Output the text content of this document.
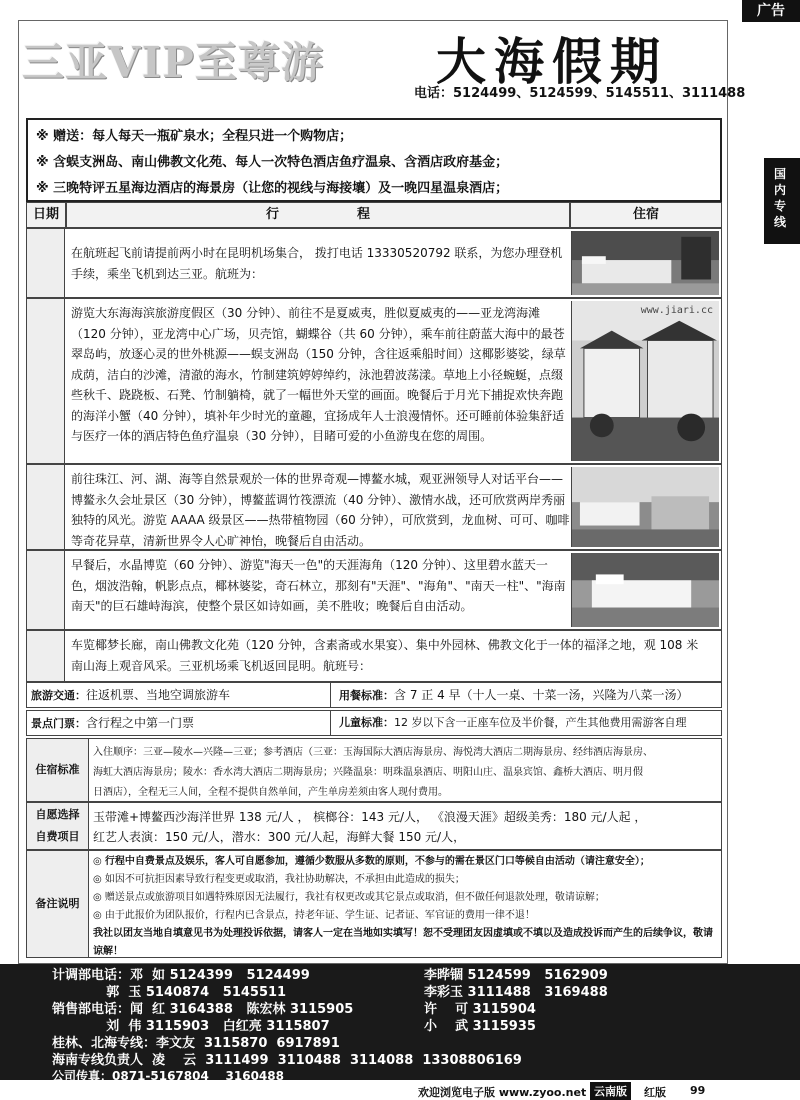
广告
国内专线
三亚VIP至尊游 大海假期
电话：5124499、5124599、5145511、3111488
※ 赠送：每人每天一瓶矿泉水；全程只进一个购物店；
※ 含蜈支洲岛、南山佛教文化苑、每人一次特色酒店鱼疗温泉、含酒店政府基金；
※ 三晚特评五星海边酒店的海景房（让您的视线与海接壤）及一晚四星温泉酒店；
日期	行　　　　　　程	住宿
在航班起飞前请提前两小时在昆明机场集合， 拨打电话 13330520792 联系，为您办理登机手续，乘坐飞机到达三亚。航班为：
游览大东海海滨旅游度假区（30 分钟）、前往不是夏威夷，胜似夏威夷的——亚龙湾海滩（120 分钟），亚龙湾中心广场，贝壳馆，蝴蝶谷（共 60 分钟），乘车前往蔚蓝大海中的最苍翠岛屿，放逐心灵的世外桃源——蜈支洲岛（150 分钟，含往返乘船时间）这椰影婆娑，绿草成荫，洁白的沙滩，清澈的海水，竹制建筑婷婷绰约，泳池碧波荡漾。草地上小径蜿蜒，点缀些秋千、跷跷板、石凳、竹制躺椅，就了一幅世外天堂的画面。晚餐后于月光下捕捉欢快奔跑的海洋小蟹（40 分钟），填补年少时光的童趣，宜扬成年人士浪漫情怀。还可睡前体验集舒适与医疗一体的酒店特色鱼疗温泉（30 分钟），目睹可爱的小鱼游曳在您的周围。
www.jiari.cc
前往珠江、河、湖、海等自然景观於一体的世界奇观—博鳌水城，观亚洲领导人对话平台——博鳌永久会址景区（30 分钟），博鳌蓝调竹筏漂流（40 分钟）、激情水战，还可欣赏两岸秀丽独特的风光。游览 AAAA 级景区——热带植物园（60 分钟），可欣赏到，龙血树、可可、咖啡等奇花异草，清新世界令人心旷神怡，晚餐后自由活动。
早餐后，水晶博览（60 分钟）、游览"海天一色"的天涯海角（120 分钟）、这里碧水蓝天一色，烟波浩翰，帆影点点，椰林婆娑，奇石林立，那刻有"天涯"、"海角"、"南天一柱"、"海南南天"的巨石雄峙海滨，使整个景区如诗如画，美不胜收；晚餐后自由活动。
车览椰梦长廊，南山佛教文化苑（120 分钟，含素斋或水果宴）、集中外园林、佛教文化于一体的福泽之地，观 108 米南山海上观音风采。三亚机场乘飞机返回昆明。航班号：
旅游交通：往返机票、当地空调旅游车	用餐标准：含 7 正 4 早（十人一桌、十菜一汤，兴隆为八菜一汤）
景点门票：含行程之中第一门票	儿童标准：12 岁以下含一正座车位及半价餐，产生其他费用需游客自理
住宿标准
入住顺序：三亚—陵水—兴隆—三亚；参考酒店（三亚：玉海国际大酒店海景房、海悦湾大酒店二期海景房、经纬酒店海景房、
海虹大酒店海景房；陵水：香水湾大酒店二期海景房；兴隆温泉：明珠温泉酒店、明阳山庄、温泉宾馆、鑫桥大酒店、明月假
日酒店），全程无三人间，全程不提供自然单间，产生单房差须由客人现付费用。
自愿选择
自费项目
玉带滩+博鳌西沙海洋世界 138 元/人 ， 槟榔谷：143 元/人， 《浪漫天涯》超级美秀：180 元/人起 ，
红艺人表演：150 元/人，潜水：300 元/人起，海鲜大餐 150 元/人，
备注说明
◎ 行程中自费景点及娱乐，客人可自愿参加，遵循少数服从多数的原则，不参与的需在景区门口等候自由活动（请注意安全）；
◎ 如因不可抗拒因素导致行程变更或取消，我社协助解决，不承担由此造成的损失；
◎ 赠送景点或旅游项目如遇特殊原因无法履行，我社有权更改或其它景点或取消，但不做任何退款处理，敬请谅解；
◎ 由于此报价为团队报价，行程内已含景点，持老年证、学生证、记者证、军官证的费用一律不退！
我社以团友当地自填意见书为处理投诉依据，请客人一定在当地如实填写！恕不受理团友因虚填或不填以及造成投诉而产生的后续争议，敬请谅解！
计调部电话：邓  如 5124399   5124499	李晔锢 5124599   5162909
郭  玉 5140874   5145511	李彩玉 3111488   3169488
销售部电话：闻  红 3164388   陈宏林 3115905	许    可 3115904
刘  伟 3115903   白红亮 3115807	小    武 3115935
桂林、北海专线：李文友  3115870  6917891
海南专线负责人  凌    云  3111499  3110488  3114088  13308806169
公司传真：0871-5167804    3160488
欢迎浏览电子版 www.zyoo.net 云南版	红版 99
